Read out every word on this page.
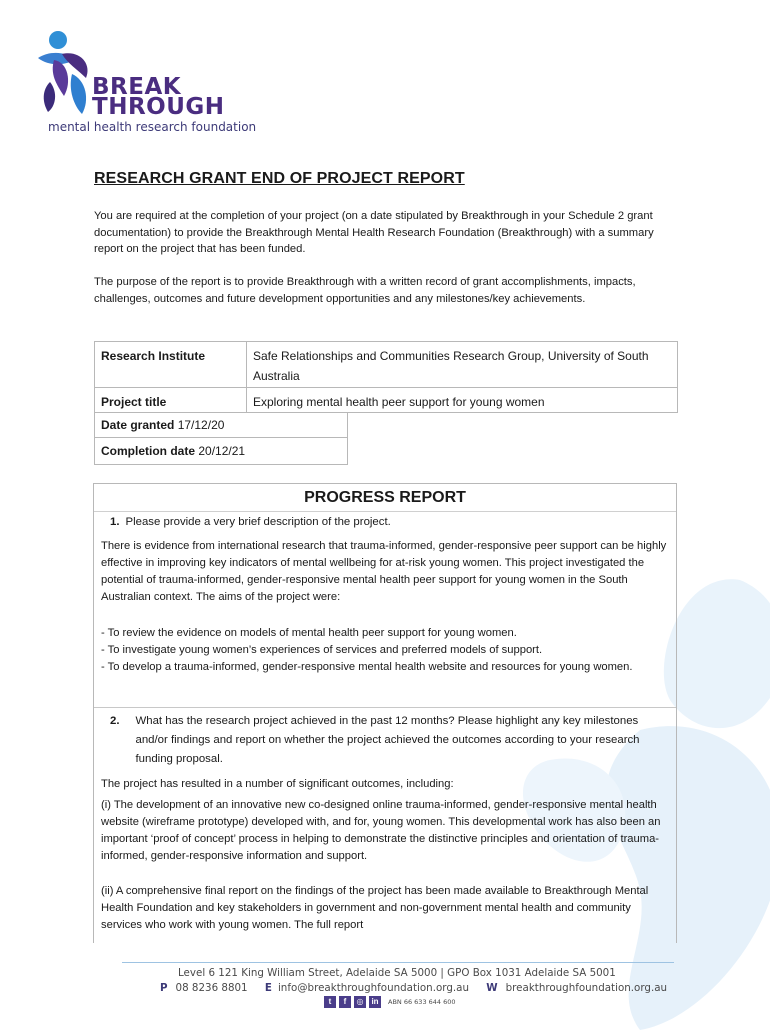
BREAK
THROUGH
mental health research foundation
RESEARCH GRANT END OF PROJECT REPORT
You are required at the completion of your project (on a date stipulated by Breakthrough in your Schedule 2 grant documentation) to provide the Breakthrough Mental Health Research Foundation (Breakthrough) with a summary report on the project that has been funded.
The purpose of the report is to provide Breakthrough with a written record of grant accomplishments, impacts, challenges, outcomes and future development opportunities and any milestones/key achievements.
Research Institute	Safe Relationships and Communities Research Group, University of South Australia
Project title	Exploring mental health peer support for young women
Date granted 17/12/20
Completion date 20/12/21
PROGRESS REPORT
1. Please provide a very brief description of the project.
There is evidence from international research that trauma-informed, gender-responsive peer support can be highly effective in improving key indicators of mental wellbeing for at-risk young women. This project investigated the potential of trauma-informed, gender-responsive mental health peer support for young women in the South Australian context. The aims of the project were:
- To review the evidence on models of mental health peer support for young women.
- To investigate young women’s experiences of services and preferred models of support.
- To develop a trauma-informed, gender-responsive mental health website and resources for young women.
2. What has the research project achieved in the past 12 months? Please highlight any key milestones and/or findings and report on whether the project achieved the outcomes according to your research funding proposal.
The project has resulted in a number of significant outcomes, including:
(i) The development of an innovative new co-designed online trauma-informed, gender-responsive mental health website (wireframe prototype) developed with, and for, young women. This developmental work has also been an important ‘proof of concept’ process in helping to demonstrate the distinctive principles and orientation of trauma-informed, gender-responsive information and support.
(ii) A comprehensive final report on the findings of the project has been made available to Breakthrough Mental Health Foundation and key stakeholders in government and non-government mental health and community services who work with young women. The full report
Level 6 121 King William Street, Adelaide SA 5000 | GPO Box 1031 Adelaide SA 5001
P 08 8236 8801 E info@breakthroughfoundation.org.au W breakthroughfoundation.org.au
t	f	◎ in	ABN 66 633 644 600
